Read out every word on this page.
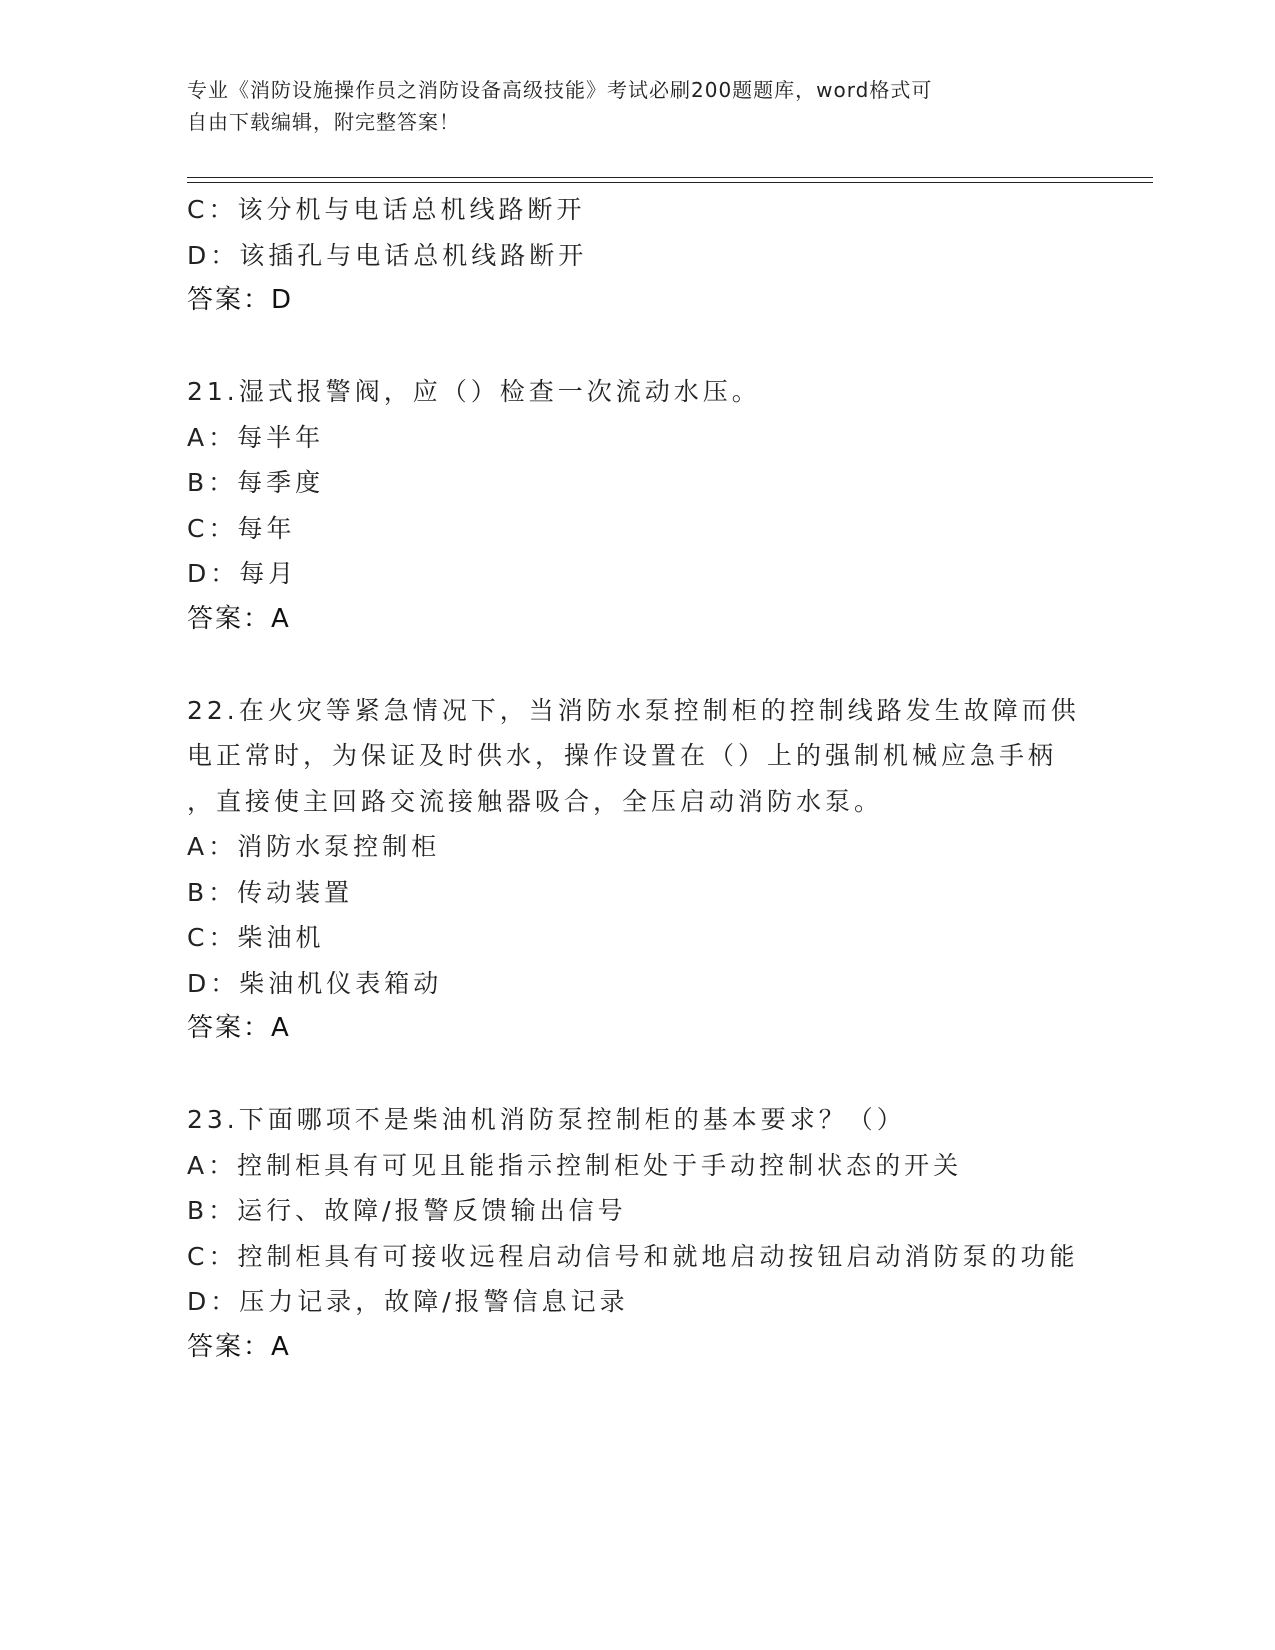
专业《消防设施操作员之消防设备高级技能》考试必刷200题题库，word格式可
自由下载编辑，附完整答案！
C：该分机与电话总机线路断开
D：该插孔与电话总机线路断开
答案：D
21.湿式报警阀，应（）检查一次流动水压。
A：每半年
B：每季度
C：每年
D：每月
答案：A
22.在火灾等紧急情况下，当消防水泵控制柜的控制线路发生故障而供
电正常时，为保证及时供水，操作设置在（）上的强制机械应急手柄
，直接使主回路交流接触器吸合，全压启动消防水泵。
A：消防水泵控制柜
B：传动装置
C：柴油机
D：柴油机仪表箱动
答案：A
23.下面哪项不是柴油机消防泵控制柜的基本要求？（）
A：控制柜具有可见且能指示控制柜处于手动控制状态的开关
B：运行、故障/报警反馈输出信号
C：控制柜具有可接收远程启动信号和就地启动按钮启动消防泵的功能
D：压力记录，故障/报警信息记录
答案：A
